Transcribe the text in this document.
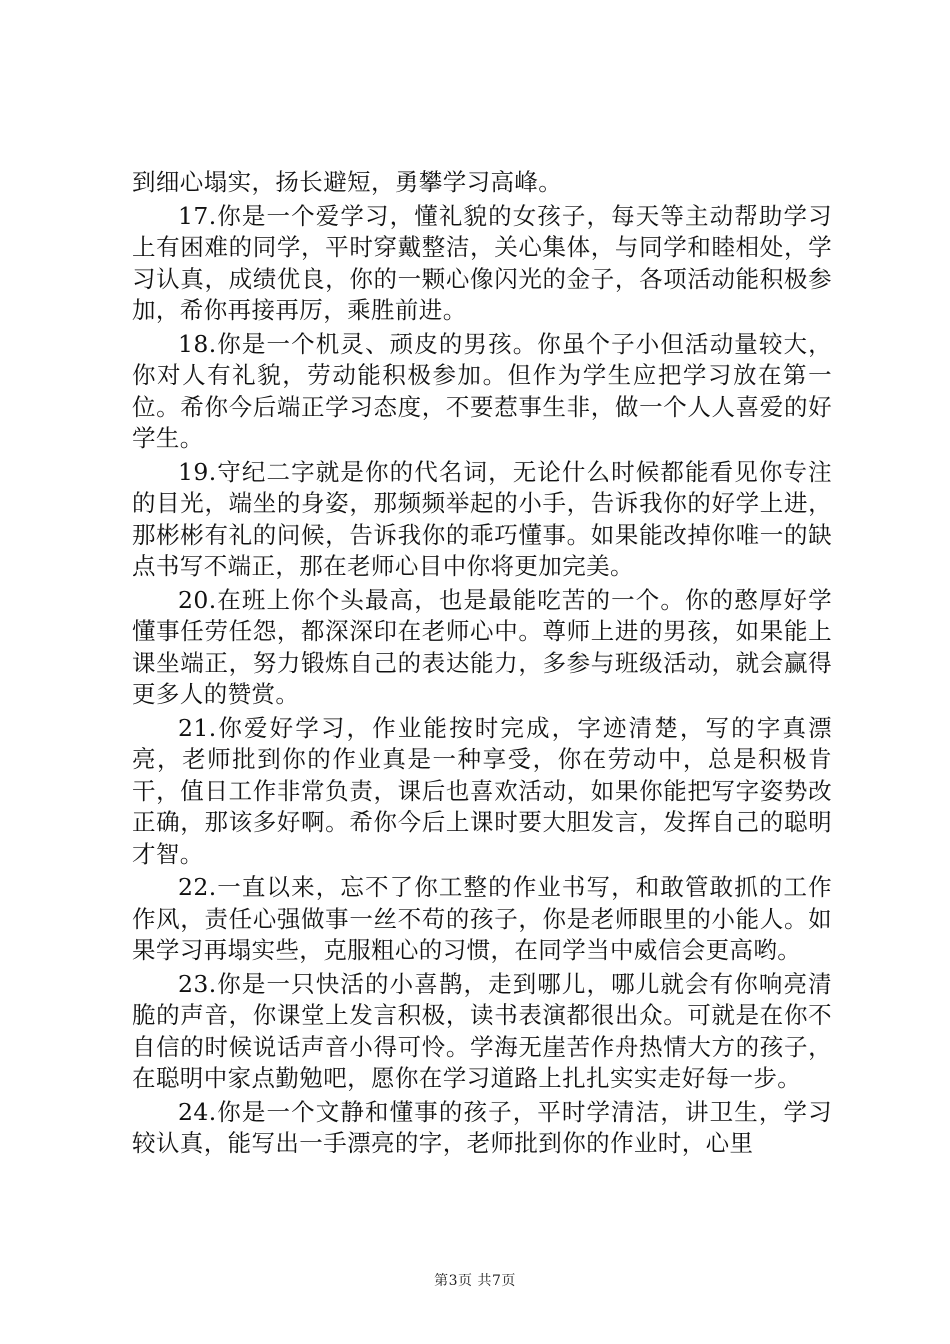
到细心塌实，扬长避短，勇攀学习高峰。

17.你是一个爱学习，懂礼貌的女孩子，每天等主动帮助学习上有困难的同学，平时穿戴整洁，关心集体，与同学和睦相处，学习认真，成绩优良，你的一颗心像闪光的金子，各项活动能积极参加，希你再接再厉，乘胜前进。

18.你是一个机灵、顽皮的男孩。你虽个子小但活动量较大，你对人有礼貌，劳动能积极参加。但作为学生应把学习放在第一位。希你今后端正学习态度，不要惹事生非，做一个人人喜爱的好学生。

19.守纪二字就是你的代名词，无论什么时候都能看见你专注的目光，端坐的身姿，那频频举起的小手，告诉我你的好学上进，那彬彬有礼的问候，告诉我你的乖巧懂事。如果能改掉你唯一的缺点书写不端正，那在老师心目中你将更加完美。

20.在班上你个头最高，也是最能吃苦的一个。你的憨厚好学懂事任劳任怨，都深深印在老师心中。尊师上进的男孩，如果能上课坐端正，努力锻炼自己的表达能力，多参与班级活动，就会赢得更多人的赞赏。

21.你爱好学习，作业能按时完成，字迹清楚，写的字真漂亮，老师批到你的作业真是一种享受，你在劳动中，总是积极肯干，值日工作非常负责，课后也喜欢活动，如果你能把写字姿势改正确，那该多好啊。希你今后上课时要大胆发言，发挥自己的聪明才智。

22.一直以来，忘不了你工整的作业书写，和敢管敢抓的工作作风，责任心强做事一丝不苟的孩子，你是老师眼里的小能人。如果学习再塌实些，克服粗心的习惯，在同学当中威信会更高哟。

23.你是一只快活的小喜鹊，走到哪儿，哪儿就会有你响亮清脆的声音，你课堂上发言积极，读书表演都很出众。可就是在你不自信的时候说话声音小得可怜。学海无崖苦作舟热情大方的孩子，在聪明中家点勤勉吧，愿你在学习道路上扎扎实实走好每一步。

24.你是一个文静和懂事的孩子，平时学清洁，讲卫生，学习较认真，能写出一手漂亮的字，老师批到你的作业时，心里

第3页 共7页
